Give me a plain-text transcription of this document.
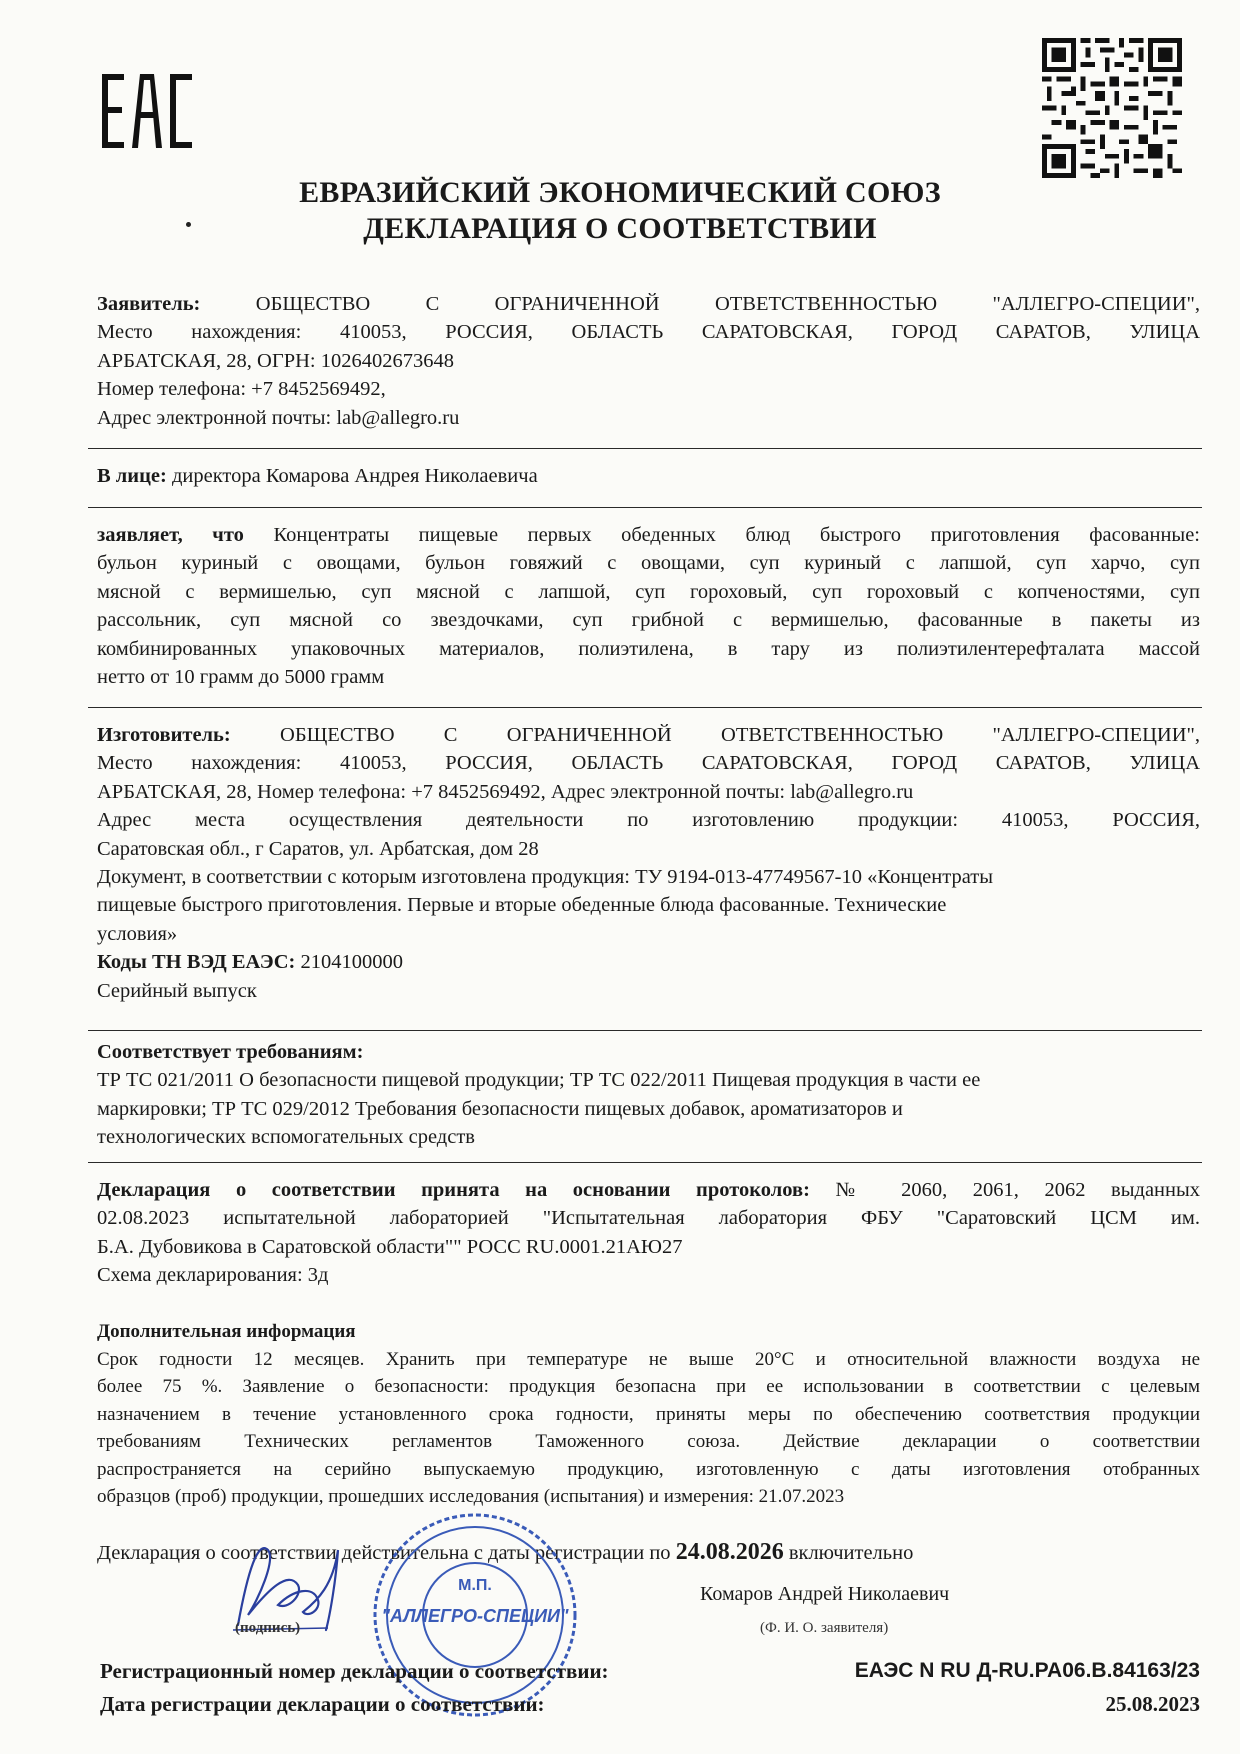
ЕВРАЗИЙСКИЙ ЭКОНОМИЧЕСКИЙ СОЮЗ
ДЕКЛАРАЦИЯ О СООТВЕТСТВИИ
Заявитель:	ОБЩЕСТВО С ОГРАНИЧЕННОЙ ОТВЕТСТВЕННОСТЬЮ "АЛЛЕГРО-СПЕЦИИ",
Место нахождения: 410053, РОССИЯ, ОБЛАСТЬ САРАТОВСКАЯ, ГОРОД САРАТОВ, УЛИЦА
АРБАТСКАЯ, 28, ОГРН: 1026402673648
Номер телефона: +7 8452569492,
Адрес электронной почты: lab@allegro.ru
В лице: директора Комарова Андрея Николаевича
заявляет, что Концентраты пищевые первых обеденных блюд быстрого приготовления фасованные:
бульон куриный с овощами, бульон говяжий с овощами, суп куриный с лапшой, суп харчо, суп
мясной с вермишелью, суп мясной с лапшой, суп гороховый, суп гороховый с копченостями, суп
рассольник, суп мясной со звездочками, суп грибной с вермишелью, фасованные в пакеты из
комбинированных упаковочных материалов, полиэтилена, в тару из полиэтилентерефталата массой
нетто от 10 грамм до 5000 грамм
Изготовитель: ОБЩЕСТВО С ОГРАНИЧЕННОЙ ОТВЕТСТВЕННОСТЬЮ "АЛЛЕГРО-СПЕЦИИ",
Место нахождения: 410053, РОССИЯ, ОБЛАСТЬ САРАТОВСКАЯ, ГОРОД САРАТОВ, УЛИЦА
АРБАТСКАЯ, 28, Номер телефона: +7 8452569492, Адрес электронной почты: lab@allegro.ru
Адрес места осуществления деятельности по изготовлению продукции: 410053, РОССИЯ,
Саратовская обл., г Саратов, ул. Арбатская, дом 28
Документ, в соответствии с которым изготовлена продукция: ТУ 9194-013-47749567-10 «Концентраты
пищевые быстрого приготовления. Первые и вторые обеденные блюда фасованные. Технические
условия»
Коды ТН ВЭД ЕАЭС: 2104100000
Серийный выпуск
Соответствует требованиям:
ТР ТС 021/2011 О безопасности пищевой продукции; ТР ТС 022/2011 Пищевая продукция в части ее
маркировки; ТР ТС 029/2012 Требования безопасности пищевых добавок, ароматизаторов и
технологических вспомогательных средств
Декларация о соответствии принята на основании протоколов: № 2060, 2061, 2062 выданных
02.08.2023 испытательной лабораторией "Испытательная лаборатория ФБУ "Саратовский ЦСМ им.
Б.А. Дубовикова в Саратовской области"" РОСС RU.0001.21АЮ27
Схема декларирования: 3д
Дополнительная информация
Срок годности 12 месяцев. Хранить при температуре не выше 20°С и относительной влажности воздуха не
более 75 %. Заявление о безопасности: продукция безопасна при ее использовании в соответствии с целевым
назначением в течение установленного срока годности, приняты меры по обеспечению соответствия продукции
требованиям Технических регламентов Таможенного союза. Действие декларации о соответствии
распространяется на серийно выпускаемую продукцию, изготовленную с даты изготовления отобранных
образцов (проб) продукции, прошедших исследования (испытания) и измерения: 21.07.2023
Декларация о соответствии действительна с даты регистрации по 24.08.2026 включительно
М.П.
"АЛЛЕГРО-СПЕЦИИ"
Комаров Андрей Николаевич
(подпись)	(Ф. И. О. заявителя)
Регистрационный номер декларации о соответствии:	ЕАЭС N RU Д-RU.PA06.B.84163/23
Дата регистрации декларации о соответствии:	25.08.2023
